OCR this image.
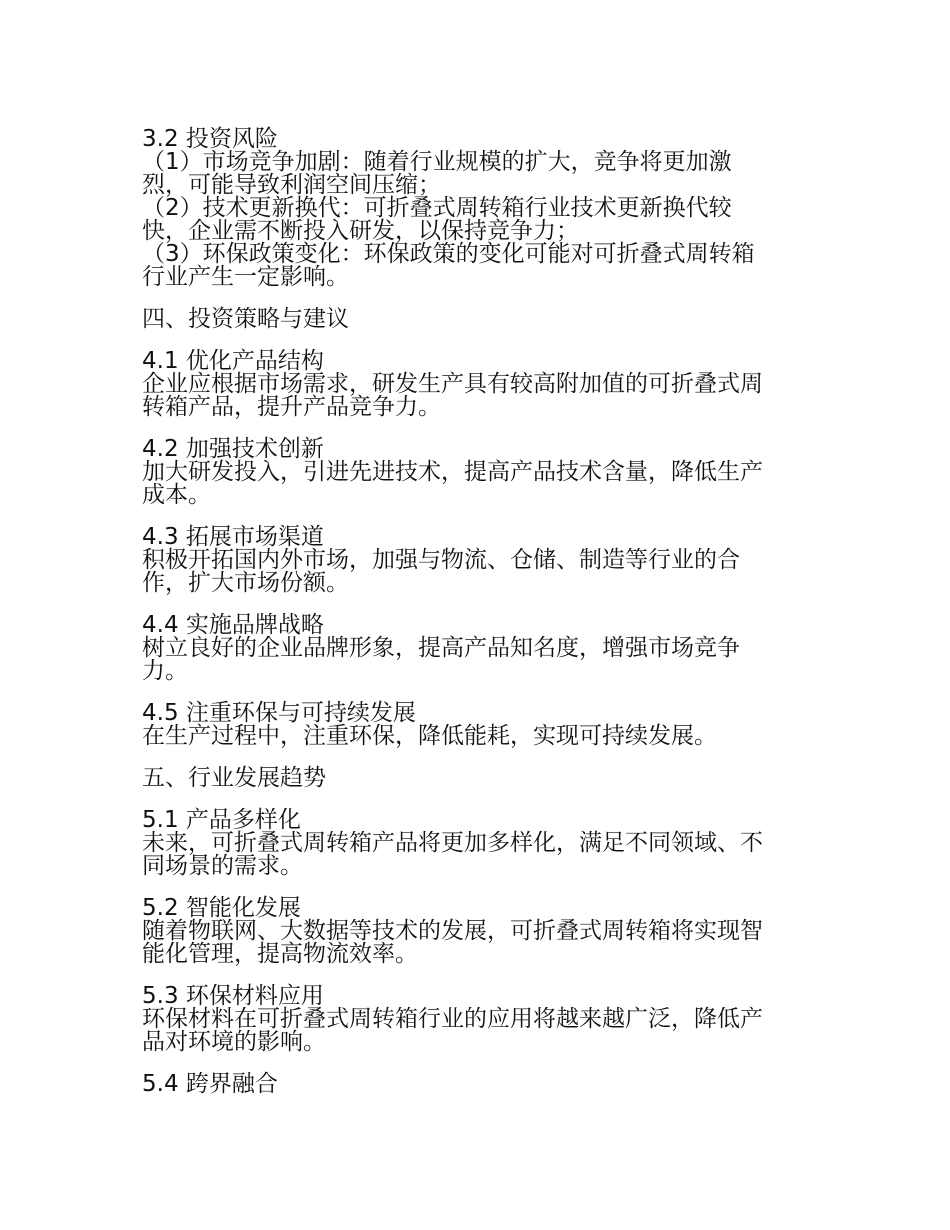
3.2 投资风险
（1）市场竞争加剧：随着行业规模的扩大，竞争将更加激
烈，可能导致利润空间压缩；
（2）技术更新换代：可折叠式周转箱行业技术更新换代较
快，企业需不断投入研发，以保持竞争力；
（3）环保政策变化：环保政策的变化可能对可折叠式周转箱
行业产生一定影响。
四、投资策略与建议
4.1 优化产品结构
企业应根据市场需求，研发生产具有较高附加值的可折叠式周
转箱产品，提升产品竞争力。
4.2 加强技术创新
加大研发投入，引进先进技术，提高产品技术含量，降低生产
成本。
4.3 拓展市场渠道
积极开拓国内外市场，加强与物流、仓储、制造等行业的合
作，扩大市场份额。
4.4 实施品牌战略
树立良好的企业品牌形象，提高产品知名度，增强市场竞争
力。
4.5 注重环保与可持续发展
在生产过程中，注重环保，降低能耗，实现可持续发展。
五、行业发展趋势
5.1 产品多样化
未来，可折叠式周转箱产品将更加多样化，满足不同领域、不
同场景的需求。
5.2 智能化发展
随着物联网、大数据等技术的发展，可折叠式周转箱将实现智
能化管理，提高物流效率。
5.3 环保材料应用
环保材料在可折叠式周转箱行业的应用将越来越广泛，降低产
品对环境的影响。
5.4 跨界融合
